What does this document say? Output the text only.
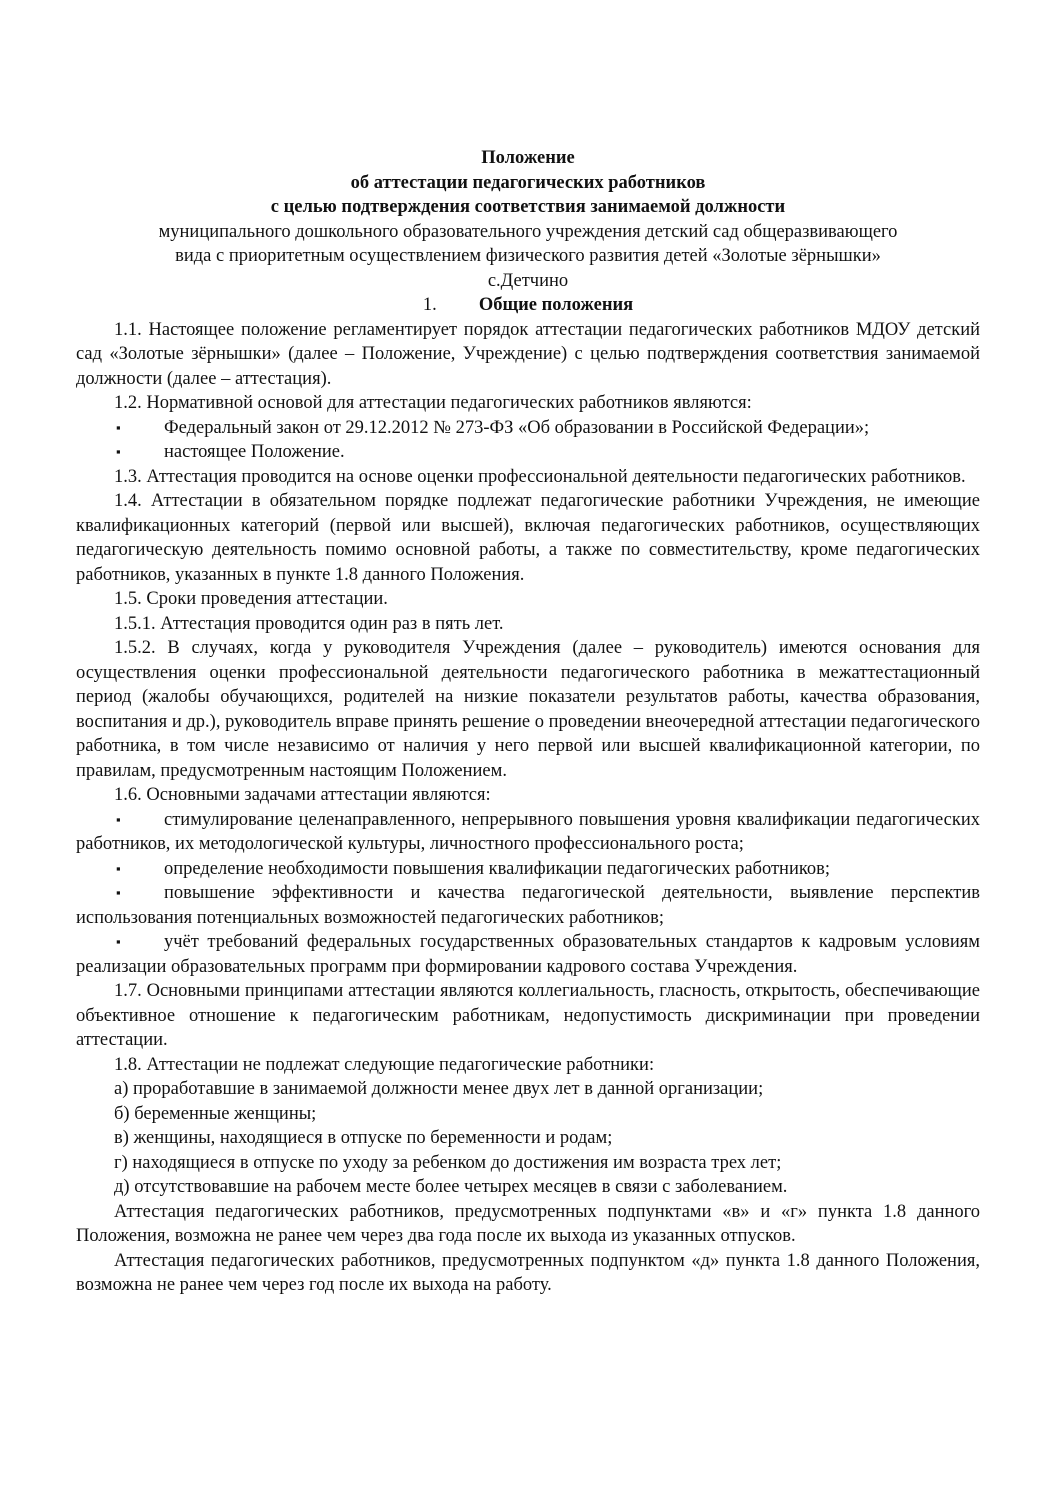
Положение

об аттестации педагогических работников

с целью подтверждения соответствия занимаемой должности

муниципального дошкольного образовательного учреждения детский сад общеразвивающего

вида с приоритетным осуществлением физического развития детей «Золотые зёрнышки»

с.Детчино

1. Общие положения

1.1. Настоящее положение регламентирует порядок аттестации педагогических работников МДОУ детский сад «Золотые зёрнышки» (далее – Положение, Учреждение) с целью подтверждения соответствия занимаемой должности (далее – аттестация).

1.2. Нормативной основой для аттестации педагогических работников являются:

▪ Федеральный закон от 29.12.2012 № 273-ФЗ «Об образовании в Российской Федерации»;

▪ настоящее Положение.

1.3. Аттестация проводится на основе оценки профессиональной деятельности педагогических работников.

1.4. Аттестации в обязательном порядке подлежат педагогические работники Учреждения, не имеющие квалификационных категорий (первой или высшей), включая педагогических работников, осуществляющих педагогическую деятельность помимо основной работы, а также по совместительству, кроме педагогических работников, указанных в пункте 1.8 данного Положения.

1.5. Сроки проведения аттестации.

1.5.1. Аттестация проводится один раз в пять лет.

1.5.2. В случаях, когда у руководителя Учреждения (далее – руководитель) имеются основания для осуществления оценки профессиональной деятельности педагогического работника в межаттестационный период (жалобы обучающихся, родителей на низкие показатели результатов работы, качества образования, воспитания и др.), руководитель вправе принять решение о проведении внеочередной аттестации педагогического работника, в том числе независимо от наличия у него первой или высшей квалификационной категории, по правилам, предусмотренным настоящим Положением.

1.6. Основными задачами аттестации являются:

▪ стимулирование целенаправленного, непрерывного повышения уровня квалификации педагогических работников, их методологической культуры, личностного профессионального роста;

▪ определение необходимости повышения квалификации педагогических работников;

▪ повышение эффективности и качества педагогической деятельности, выявление перспектив использования потенциальных возможностей педагогических работников;

▪ учёт требований федеральных государственных образовательных стандартов к кадровым условиям реализации образовательных программ при формировании кадрового состава Учреждения.

1.7. Основными принципами аттестации являются коллегиальность, гласность, открытость, обеспечивающие объективное отношение к педагогическим работникам, недопустимость дискриминации при проведении аттестации.

1.8. Аттестации не подлежат следующие педагогические работники:

а) проработавшие в занимаемой должности менее двух лет в данной организации;

б) беременные женщины;

в) женщины, находящиеся в отпуске по беременности и родам;

г) находящиеся в отпуске по уходу за ребенком до достижения им возраста трех лет;

д) отсутствовавшие на рабочем месте более четырех месяцев в связи с заболеванием.

Аттестация педагогических работников, предусмотренных подпунктами «в» и «г» пункта 1.8 данного Положения, возможна не ранее чем через два года после их выхода из указанных отпусков.

Аттестация педагогических работников, предусмотренных подпунктом «д» пункта 1.8 данного Положения, возможна не ранее чем через год после их выхода на работу.
